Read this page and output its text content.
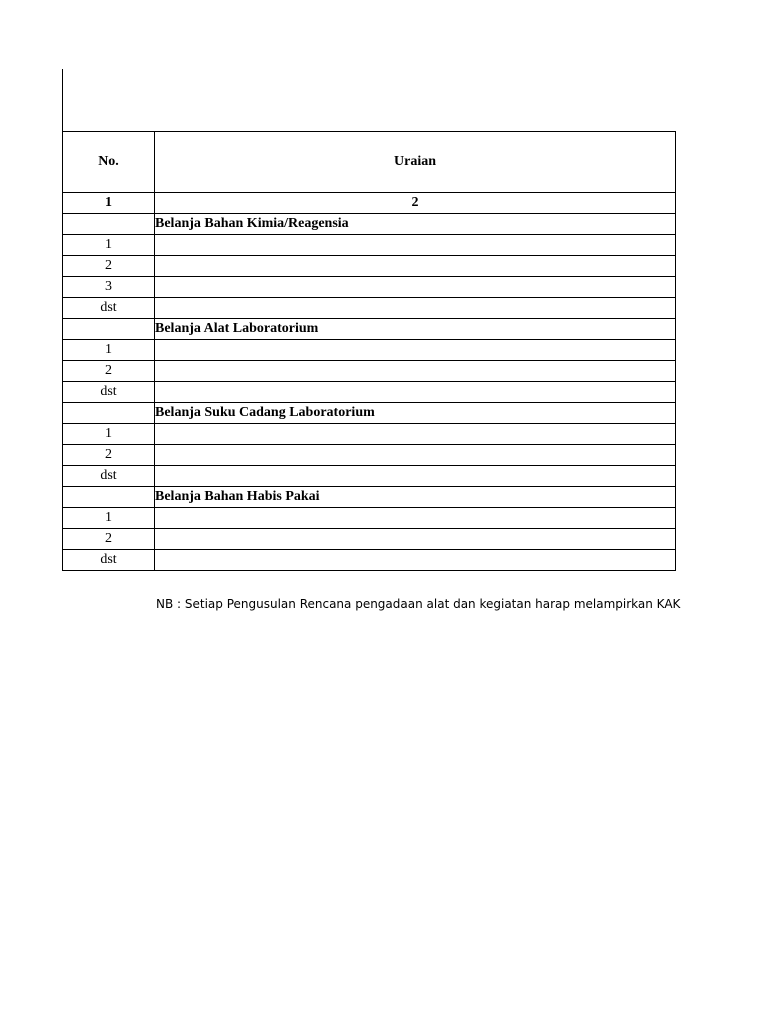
No.	Uraian
1	2
	Belanja Bahan Kimia/Reagensia
1	
2	
3	
dst	
	Belanja Alat Laboratorium
1	
2	
dst	
	Belanja Suku Cadang Laboratorium
1	
2	
dst	
	Belanja Bahan Habis Pakai
1	
2	
dst	
NB : Setiap Pengusulan Rencana pengadaan alat dan kegiatan harap melampirkan KAK
